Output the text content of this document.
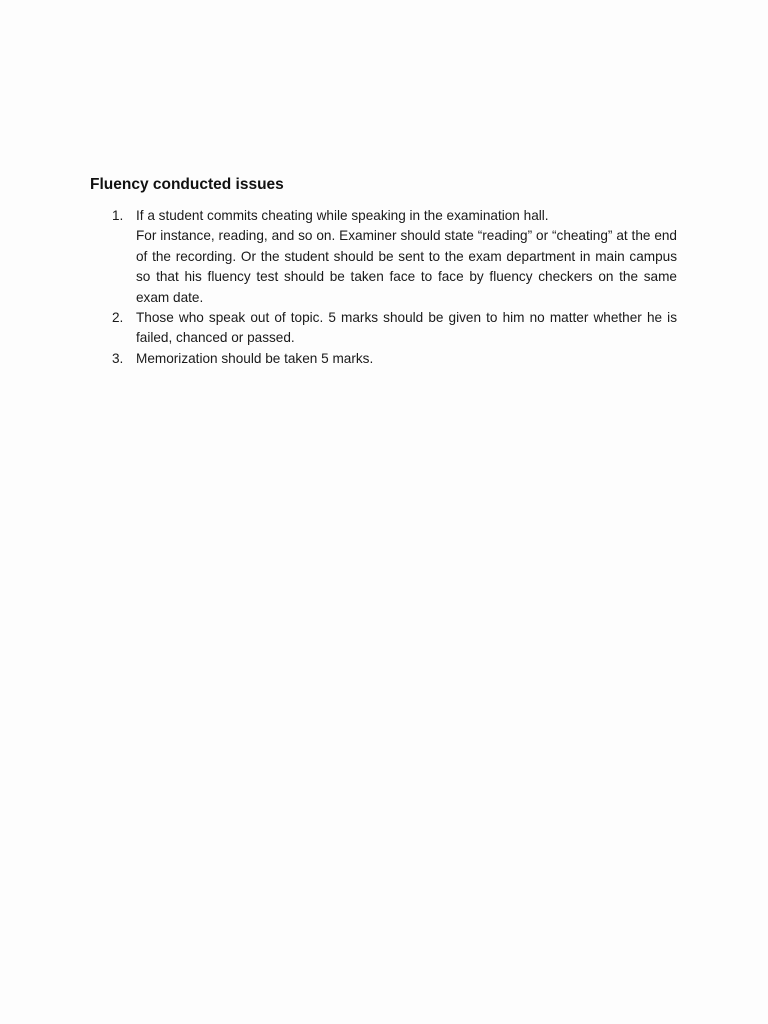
Fluency conducted issues
1. If a student commits cheating while speaking in the examination hall.
For instance, reading, and so on. Examiner should state “reading” or “cheating” at the end of the recording. Or the student should be sent to the exam department in main campus so that his fluency test should be taken face to face by fluency checkers on the same exam date.
2. Those who speak out of topic. 5 marks should be given to him no matter whether he is failed, chanced or passed.
3. Memorization should be taken 5 marks.
